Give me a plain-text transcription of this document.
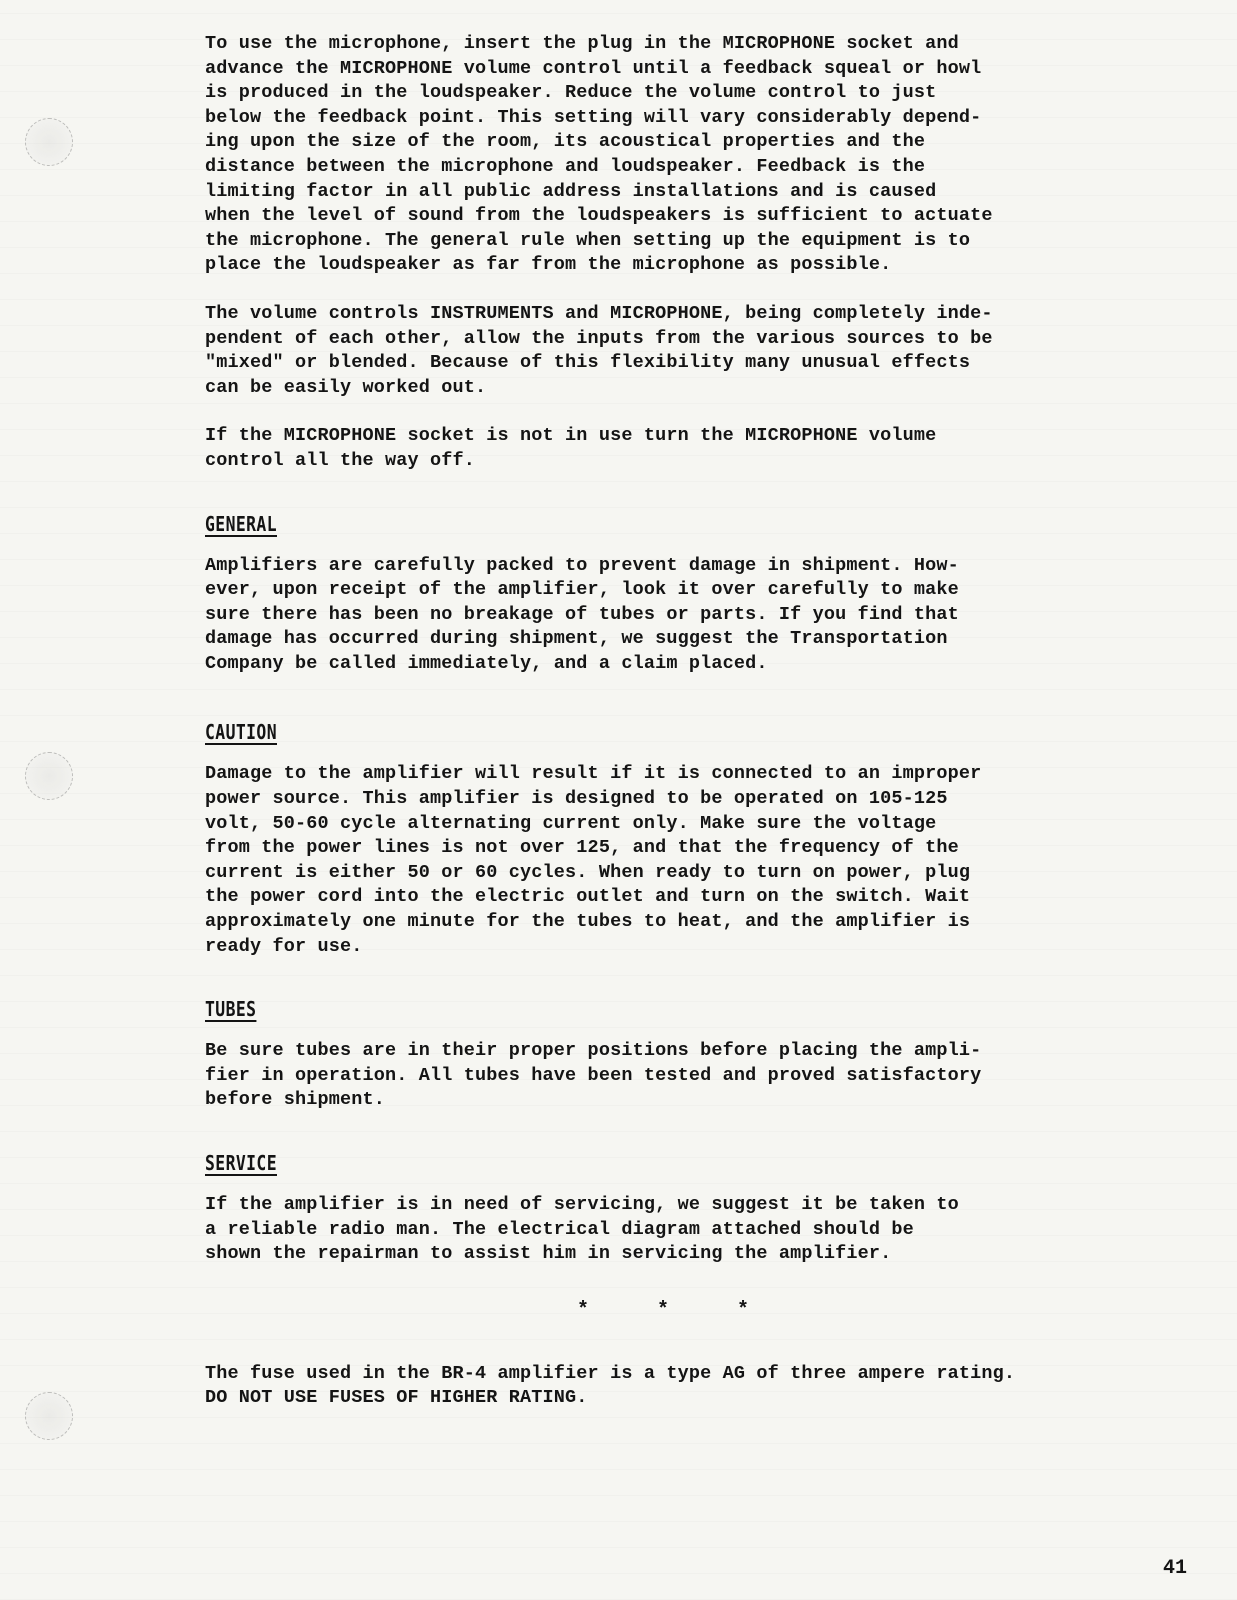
To use the microphone, insert the plug in the MICROPHONE socket and
advance the MICROPHONE volume control until a feedback squeal or howl
is produced in the loudspeaker. Reduce the volume control to just
below the feedback point. This setting will vary considerably depend-
ing upon the size of the room, its acoustical properties and the
distance between the microphone and loudspeaker. Feedback is the
limiting factor in all public address installations and is caused
when the level of sound from the loudspeakers is sufficient to actuate
the microphone. The general rule when setting up the equipment is to
place the loudspeaker as far from the microphone as possible.

The volume controls INSTRUMENTS and MICROPHONE, being completely inde-
pendent of each other, allow the inputs from the various sources to be
"mixed" or blended. Because of this flexibility many unusual effects
can be easily worked out.

If the MICROPHONE socket is not in use turn the MICROPHONE volume
control all the way off.

GENERAL

Amplifiers are carefully packed to prevent damage in shipment. How-
ever, upon receipt of the amplifier, look it over carefully to make
sure there has been no breakage of tubes or parts. If you find that
damage has occurred during shipment, we suggest the Transportation
Company be called immediately, and a claim placed.

CAUTION

Damage to the amplifier will result if it is connected to an improper
power source. This amplifier is designed to be operated on 105-125
volt, 50-60 cycle alternating current only. Make sure the voltage
from the power lines is not over 125, and that the frequency of the
current is either 50 or 60 cycles. When ready to turn on power, plug
the power cord into the electric outlet and turn on the switch. Wait
approximately one minute for the tubes to heat, and the amplifier is
ready for use.

TUBES

Be sure tubes are in their proper positions before placing the ampli-
fier in operation. All tubes have been tested and proved satisfactory
before shipment.

SERVICE

If the amplifier is in need of servicing, we suggest it be taken to
a reliable radio man. The electrical diagram attached should be
shown the repairman to assist him in servicing the amplifier.

* * *

The fuse used in the BR-4 amplifier is a type AG of three ampere rating.
DO NOT USE FUSES OF HIGHER RATING.

41
